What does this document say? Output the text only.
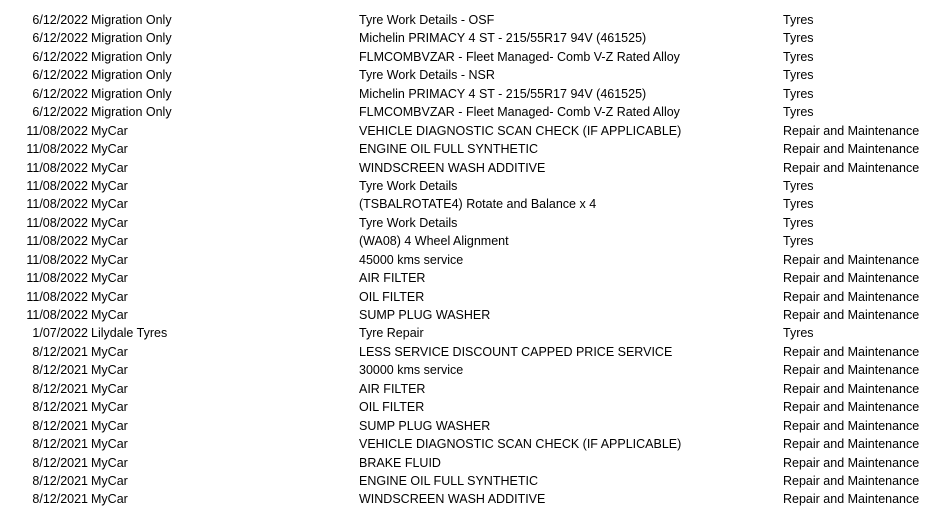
6/12/2022 Migration Only	Tyre Work Details - OSF	Tyres
6/12/2022 Migration Only	Michelin PRIMACY 4 ST - 215/55R17 94V (461525)	Tyres
6/12/2022 Migration Only	FLMCOMBVZAR - Fleet Managed- Comb V-Z Rated Alloy	Tyres
6/12/2022 Migration Only	Tyre Work Details - NSR	Tyres
6/12/2022 Migration Only	Michelin PRIMACY 4 ST - 215/55R17 94V (461525)	Tyres
6/12/2022 Migration Only	FLMCOMBVZAR - Fleet Managed- Comb V-Z Rated Alloy	Tyres
11/08/2022 MyCar	VEHICLE DIAGNOSTIC SCAN CHECK (IF APPLICABLE)	Repair and Maintenance
11/08/2022 MyCar	ENGINE OIL FULL SYNTHETIC	Repair and Maintenance
11/08/2022 MyCar	WINDSCREEN WASH ADDITIVE	Repair and Maintenance
11/08/2022 MyCar	Tyre Work Details	Tyres
11/08/2022 MyCar	(TSBALROTATE4) Rotate and Balance x 4	Tyres
11/08/2022 MyCar	Tyre Work Details	Tyres
11/08/2022 MyCar	(WA08) 4 Wheel Alignment	Tyres
11/08/2022 MyCar	45000 kms service	Repair and Maintenance
11/08/2022 MyCar	AIR FILTER	Repair and Maintenance
11/08/2022 MyCar	OIL FILTER	Repair and Maintenance
11/08/2022 MyCar	SUMP PLUG WASHER	Repair and Maintenance
1/07/2022 Lilydale Tyres	Tyre Repair	Tyres
8/12/2021 MyCar	LESS SERVICE DISCOUNT CAPPED PRICE SERVICE	Repair and Maintenance
8/12/2021 MyCar	30000 kms service	Repair and Maintenance
8/12/2021 MyCar	AIR FILTER	Repair and Maintenance
8/12/2021 MyCar	OIL FILTER	Repair and Maintenance
8/12/2021 MyCar	SUMP PLUG WASHER	Repair and Maintenance
8/12/2021 MyCar	VEHICLE DIAGNOSTIC SCAN CHECK (IF APPLICABLE)	Repair and Maintenance
8/12/2021 MyCar	BRAKE FLUID	Repair and Maintenance
8/12/2021 MyCar	ENGINE OIL FULL SYNTHETIC	Repair and Maintenance
8/12/2021 MyCar	WINDSCREEN WASH ADDITIVE	Repair and Maintenance
